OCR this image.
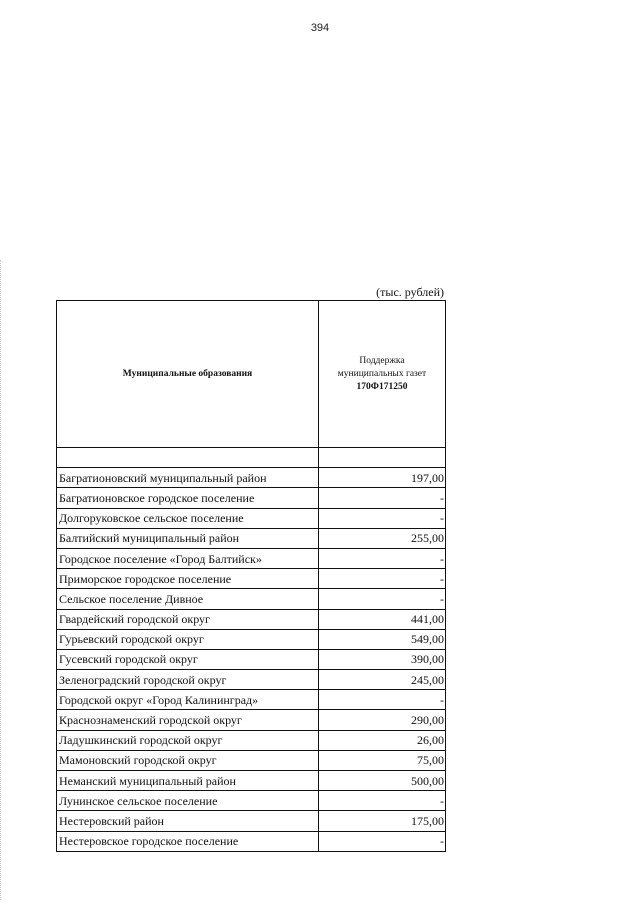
394
(тыс. рублей)
Муниципальные образования	Поддержка
муниципальных газет
170Ф171250

Багратионовский муниципальный район	197,00
Багратионовское городское поселение	-
Долгоруковское сельское поселение	-
Балтийский муниципальный район	255,00
Городское поселение «Город Балтийск»	-
Приморское городское поселение	-
Сельское поселение Дивное	-
Гвардейский городской округ	441,00
Гурьевский городской округ	549,00
Гусевский городской округ	390,00
Зеленоградский городской округ	245,00
Городской округ «Город Калининград»	-
Краснознаменский городской округ	290,00
Ладушкинский городской округ	26,00
Мамоновский городской округ	75,00
Неманский муниципальный район	500,00
Лунинское сельское поселение	-
Нестеровский район	175,00
Нестеровское городское поселение	-
